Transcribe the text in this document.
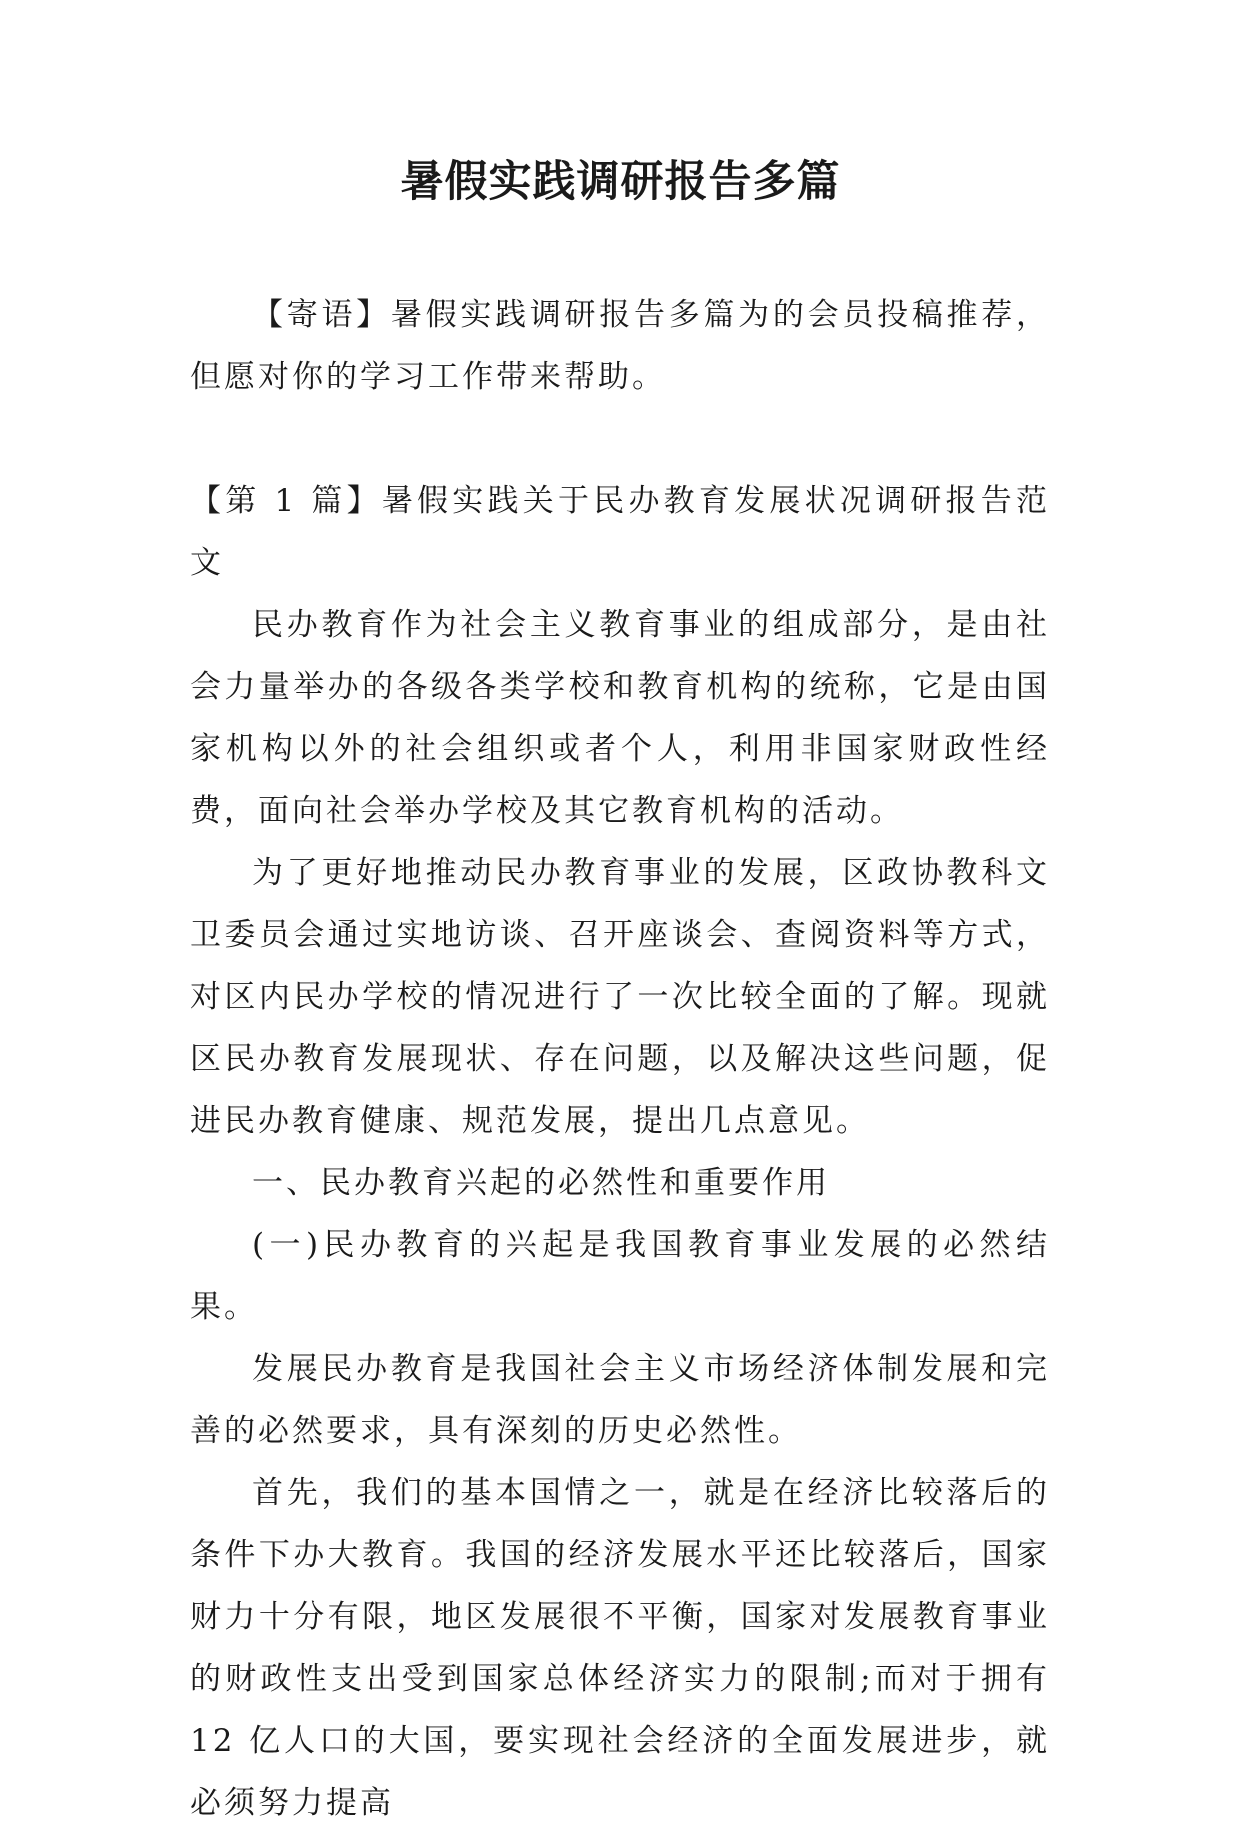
暑假实践调研报告多篇

【寄语】暑假实践调研报告多篇为的会员投稿推荐，但愿对你的学习工作带来帮助。

【第 1 篇】暑假实践关于民办教育发展状况调研报告范文

民办教育作为社会主义教育事业的组成部分，是由社会力量举办的各级各类学校和教育机构的统称，它是由国家机构以外的社会组织或者个人，利用非国家财政性经费，面向社会举办学校及其它教育机构的活动。

为了更好地推动民办教育事业的发展，区政协教科文卫委员会通过实地访谈、召开座谈会、查阅资料等方式，对区内民办学校的情况进行了一次比较全面的了解。现就区民办教育发展现状、存在问题，以及解决这些问题，促进民办教育健康、规范发展，提出几点意见。

一、民办教育兴起的必然性和重要作用

(一)民办教育的兴起是我国教育事业发展的必然结果。

发展民办教育是我国社会主义市场经济体制发展和完善的必然要求，具有深刻的历史必然性。

首先，我们的基本国情之一，就是在经济比较落后的条件下办大教育。我国的经济发展水平还比较落后，国家财力十分有限，地区发展很不平衡，国家对发展教育事业的财政性支出受到国家总体经济实力的限制;而对于拥有 12 亿人口的大国，要实现社会经济的全面发展进步，就必须努力提高
